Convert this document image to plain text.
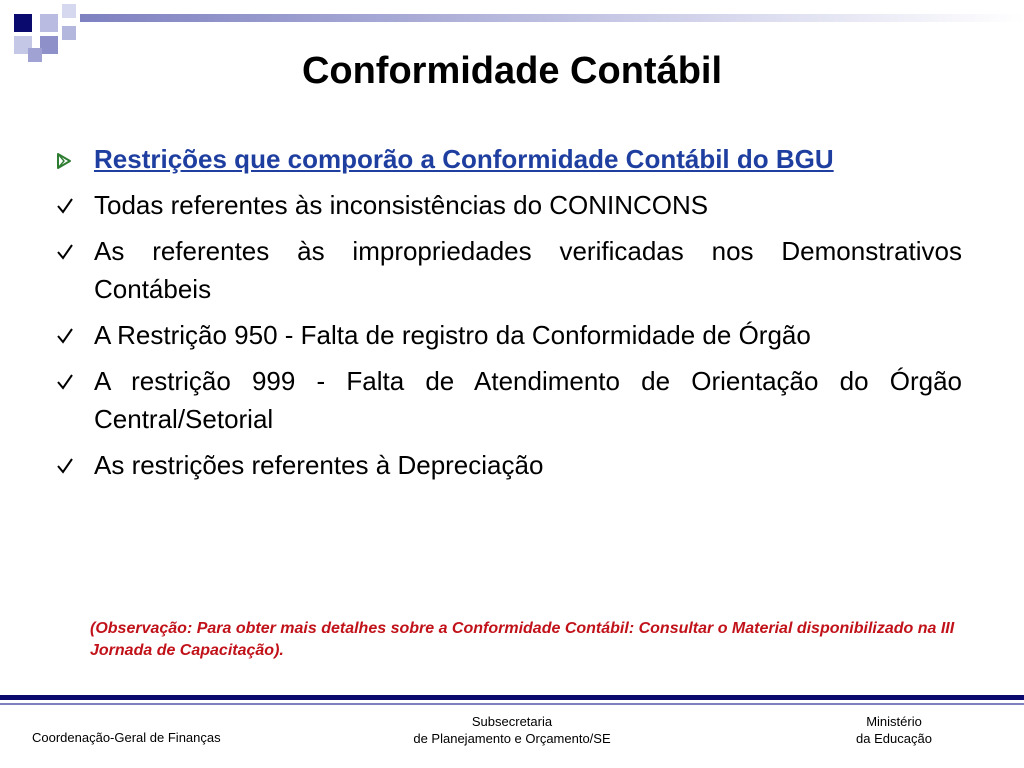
Conformidade Contábil
Restrições que comporão a Conformidade Contábil do BGU
Todas referentes às inconsistências do CONINCONS
As referentes às impropriedades verificadas nos Demonstrativos Contábeis
A Restrição 950 - Falta de registro da Conformidade de Órgão
A restrição 999 - Falta de Atendimento de Orientação do Órgão Central/Setorial
As restrições referentes à Depreciação
(Observação: Para obter mais detalhes sobre a Conformidade Contábil: Consultar o Material disponibilizado na III Jornada de Capacitação).
Coordenação-Geral de Finanças
Subsecretaria
de Planejamento e Orçamento/SE
Ministério
da Educação
